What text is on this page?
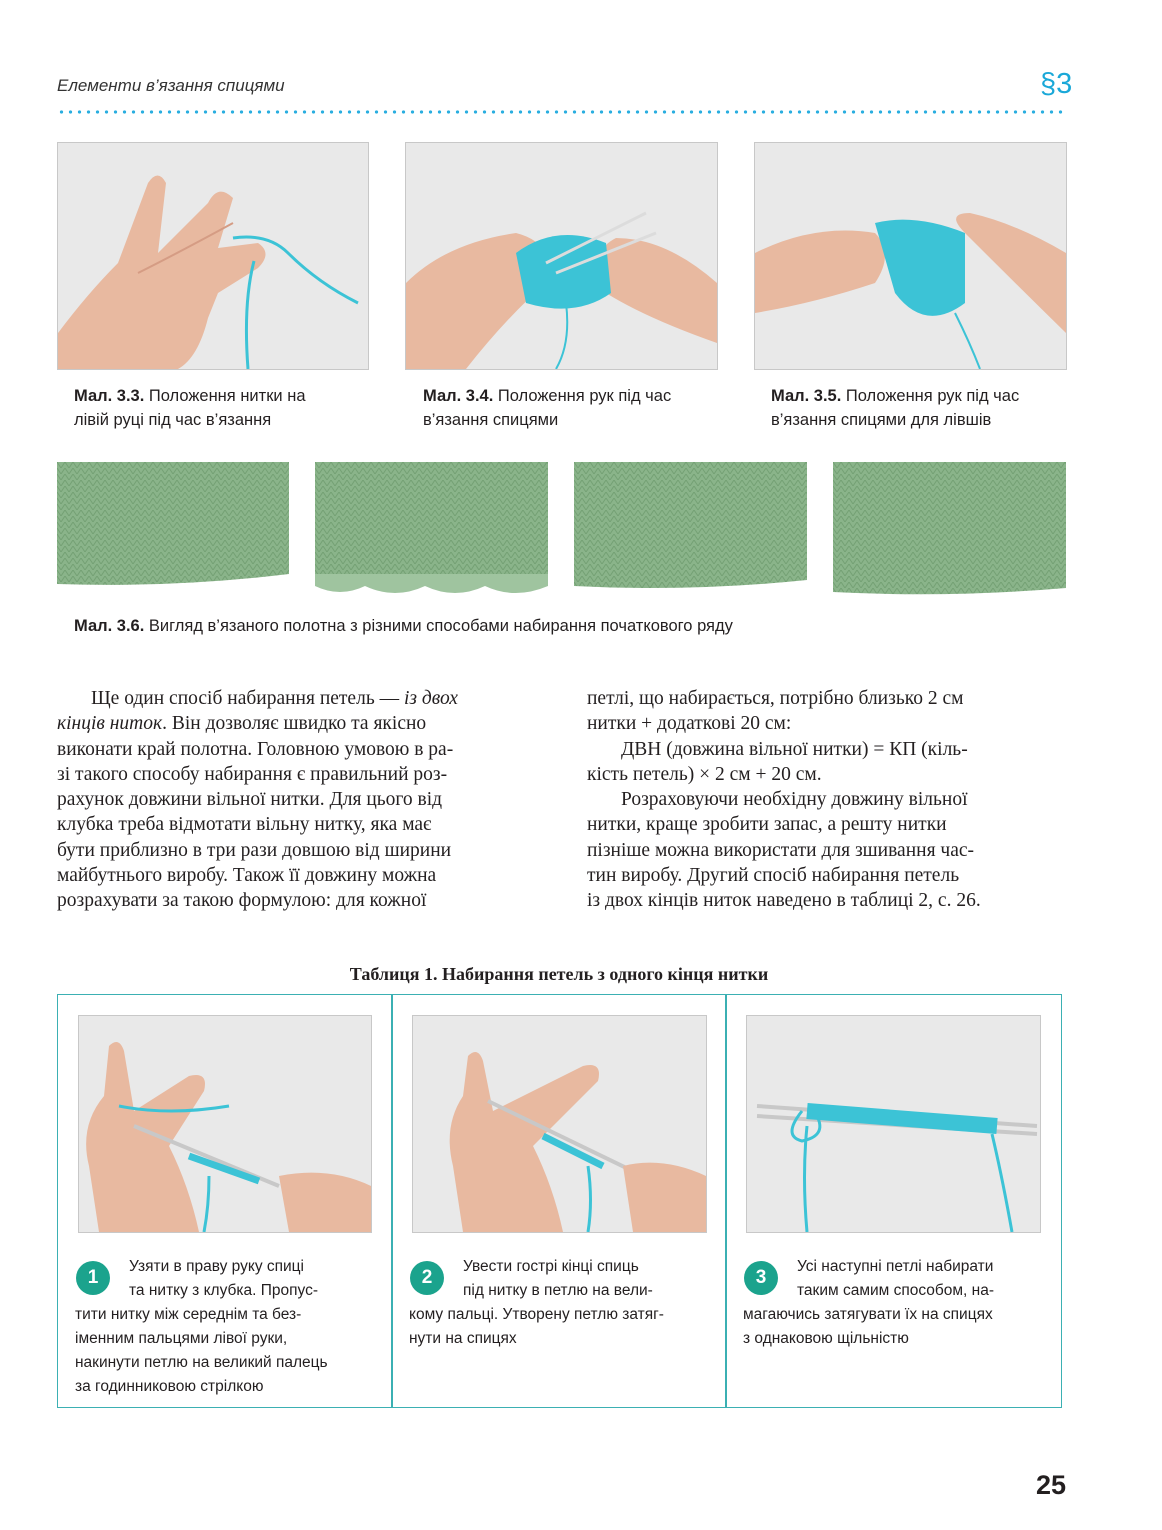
Елементи в’язання спицями	§3
Мал. 3.3. Положення нитки на
лівій руці під час в’язання
Мал. 3.4. Положення рук під час
в’язання спицями
Мал. 3.5. Положення рук під час
в’язання спицями для лівшів
Мал. 3.6. Вигляд в’язаного полотна з різними способами набирання початкового ряду
Ще один спосіб набирання петель — із двох
кінців ниток. Він дозволяє швидко та якісно
виконати край полотна. Головною умовою в ра-
зі такого способу набирання є правильний роз-
рахунок довжини вільної нитки. Для цього від
клубка треба відмотати вільну нитку, яка має
бути приблизно в три рази довшою від ширини
майбутнього виробу. Також її довжину можна
розрахувати за такою формулою: для кожної
петлі, що набирається, потрібно близько 2 см
нитки + додаткові 20 см:
ДВН (довжина вільної нитки) = КП (кіль-
кість петель) × 2 см + 20 см.
Розраховуючи необхідну довжину вільної
нитки, краще зробити запас, а решту нитки
пізніше можна використати для зшивання час-
тин виробу. Другий спосіб набирання петель
із двох кінців ниток наведено в таблиці 2, с. 26.
Таблиця 1. Набирання петель з одного кінця нитки
1
Узяти в праву руку спиці
та нитку з клубка. Пропус-
тити нитку між середнім та без-
іменним пальцями лівої руки,
накинути петлю на великий палець
за годинниковою стрілкою
2
Увести гострі кінці спиць
під нитку в петлю на вели-
кому пальці. Утворену петлю затяг-
нути на спицях
3
Усі наступні петлі набирати
таким самим способом, на-
магаючись затягувати їх на спицях
з однаковою щільністю
25
